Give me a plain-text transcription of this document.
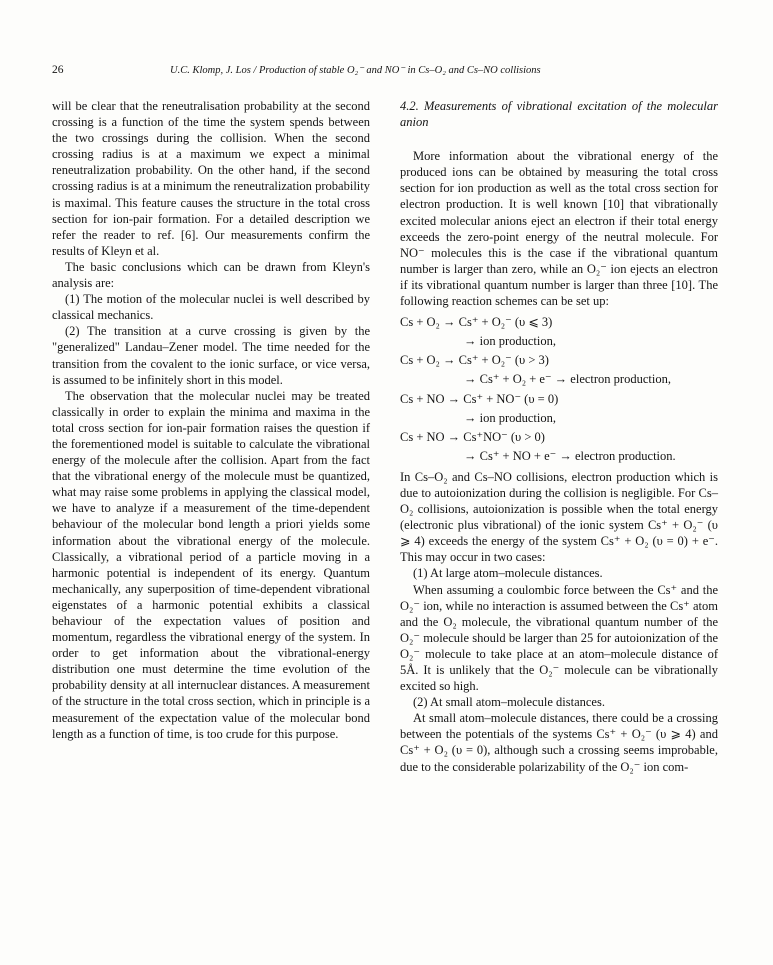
26	U.C. Klomp, J. Los / Production of stable O₂⁻ and NO⁻ in Cs–O₂ and Cs–NO collisions

will be clear that the reneutralisation probability at the second crossing is a function of the time the system spends between the two crossings during the collision. When the second crossing radius is at a maximum we expect a minimal reneutralization probability. On the other hand, if the second crossing radius is at a minimum the reneutralization probability is maximal. This feature causes the structure in the total cross section for ion-pair formation. For a detailed description we refer the reader to ref. [6]. Our measurements confirm the results of Kleyn et al.

The basic conclusions which can be drawn from Kleyn's analysis are:

(1) The motion of the molecular nuclei is well described by classical mechanics.

(2) The transition at a curve crossing is given by the "generalized" Landau–Zener model. The time needed for the transition from the covalent to the ionic surface, or vice versa, is assumed to be infinitely short in this model.

The observation that the molecular nuclei may be treated classically in order to explain the minima and maxima in the total cross section for ion-pair formation raises the question if the forementioned model is suitable to calculate the vibrational energy of the molecule after the collision. Apart from the fact that the vibrational energy of the molecule must be quantized, what may raise some problems in applying the classical model, we have to analyze if a measurement of the time-dependent behaviour of the molecular bond length a priori yields some information about the vibrational energy of the molecule. Classically, a vibrational period of a particle moving in a harmonic potential is independent of its energy. Quantum mechanically, any superposition of time-dependent vibrational eigenstates of a harmonic potential exhibits a classical behaviour of the expectation values of position and momentum, regardless the vibrational energy of the system. In order to get information about the vibrational-energy distribution one must determine the time evolution of the probability density at all internuclear distances. A measurement of the structure in the total cross section, which in principle is a measurement of the expectation value of the molecular bond length as a function of time, is too crude for this purpose.

4.2. Measurements of vibrational excitation of the molecular anion

More information about the vibrational energy of the produced ions can be obtained by measuring the total cross section for ion production as well as the total cross section for electron production. It is well known [10] that vibrationally excited molecular anions eject an electron if their total energy exceeds the zero-point energy of the neutral molecule. For NO⁻ molecules this is the case if the vibrational quantum number is larger than zero, while an O₂⁻ ion ejects an electron if its vibrational quantum number is larger than three [10]. The following reaction schemes can be set up:

Cs + O₂ → Cs⁺ + O₂⁻ (υ ⩽ 3)
→ ion production,
Cs + O₂ → Cs⁺ + O₂⁻ (υ > 3)
→ Cs⁺ + O₂ + e⁻ → electron production,
Cs + NO → Cs⁺ + NO⁻ (υ = 0)
→ ion production,
Cs + NO → Cs⁺NO⁻ (υ > 0)
→ Cs⁺ + NO + e⁻ → electron production.

In Cs–O₂ and Cs–NO collisions, electron production which is due to autoionization during the collision is negligible. For Cs–O₂ collisions, autoionization is possible when the total energy (electronic plus vibrational) of the ionic system Cs⁺ + O₂⁻ (υ ⩾ 4) exceeds the energy of the system Cs⁺ + O₂ (υ = 0) + e⁻. This may occur in two cases:

(1) At large atom–molecule distances.

When assuming a coulombic force between the Cs⁺ and the O₂⁻ ion, while no interaction is assumed between the Cs⁺ atom and the O₂ molecule, the vibrational quantum number of the O₂⁻ molecule should be larger than 25 for autoionization of the O₂⁻ molecule to take place at an atom–molecule distance of 5Å. It is unlikely that the O₂⁻ molecule can be vibrationally excited so high.

(2) At small atom–molecule distances.

At small atom–molecule distances, there could be a crossing between the potentials of the systems Cs⁺ + O₂⁻ (υ ⩾ 4) and Cs⁺ + O₂ (υ = 0), although such a crossing seems improbable, due to the considerable polarizability of the O₂⁻ ion com-
